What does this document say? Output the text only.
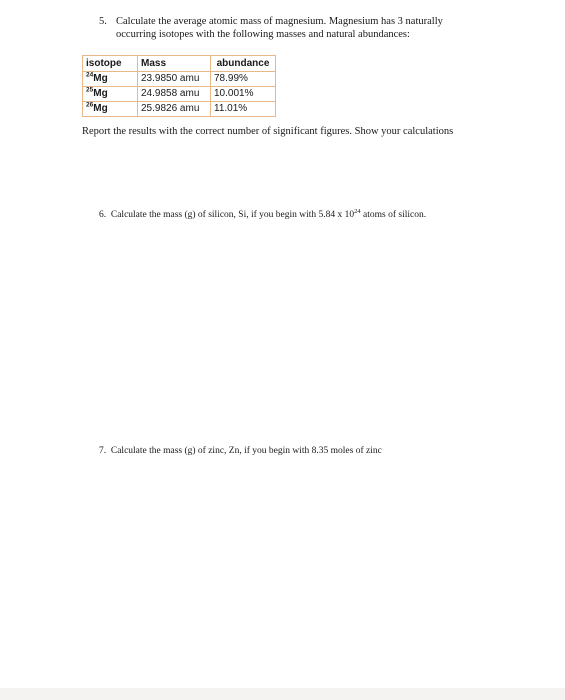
5. Calculate the average atomic mass of magnesium. Magnesium has 3 naturally
occurring isotopes with the following masses and natural abundances:
isotope	Mass	abundance
$^{24}$Mg	23.9850 amu	78.99%
$^{25}$Mg	24.9858 amu	10.001%
$^{26}$Mg	25.9826 amu	11.01%
Report the results with the correct number of significant figures. Show your calculations
6. Calculate the mass (g) of silicon, Si, if you begin with 5.84 x $10^{24}$ atoms of silicon.
7. Calculate the mass (g) of zinc, Zn, if you begin with 8.35 moles of zinc
